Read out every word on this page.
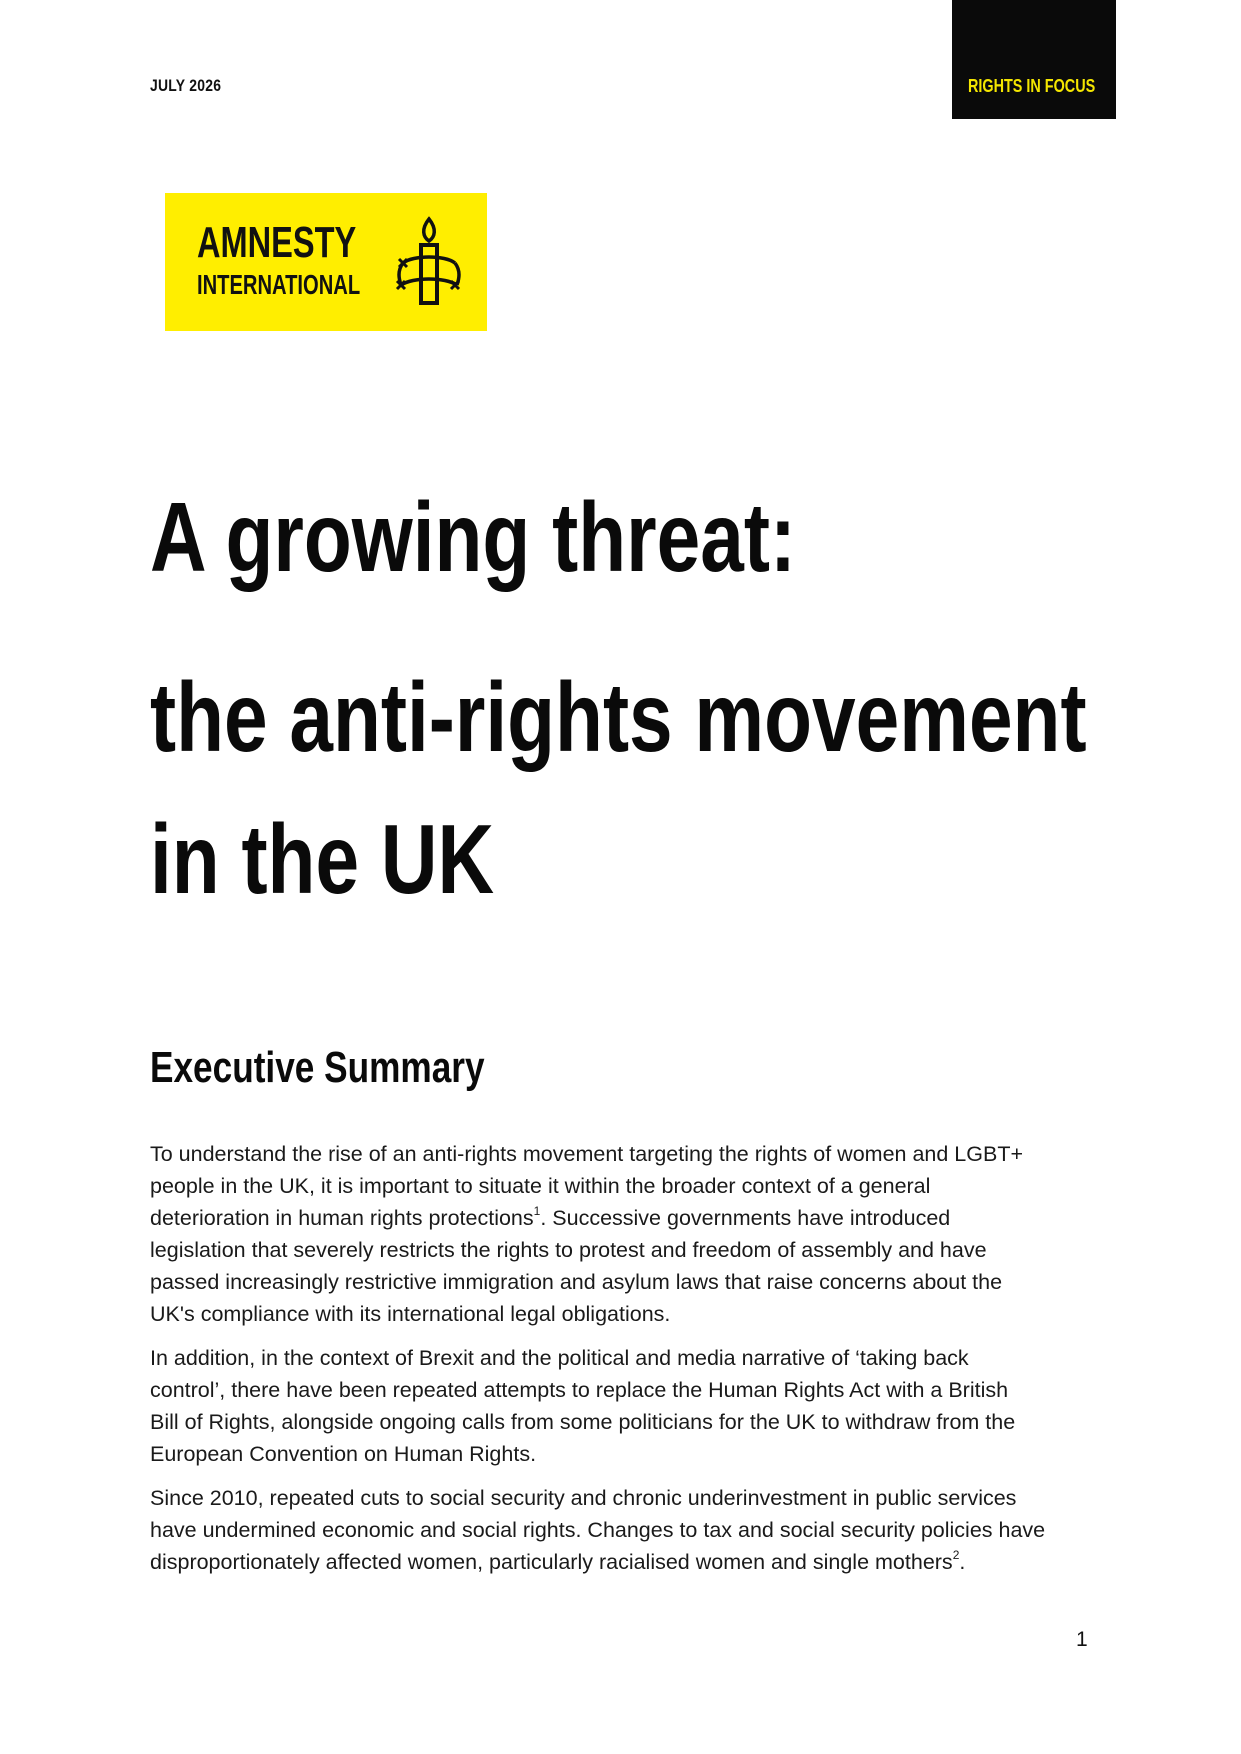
JULY 2026	RIGHTS IN FOCUS
AMNESTY
INTERNATIONAL
A growing threat:
the anti-rights movement
in the UK
Executive Summary

To understand the rise of an anti-rights movement targeting the rights of women and LGBT+
people in the UK, it is important to situate it within the broader context of a general
deterioration in human rights protections$^1$. Successive governments have introduced
legislation that severely restricts the rights to protest and freedom of assembly and have
passed increasingly restrictive immigration and asylum laws that raise concerns about the
UK's compliance with its international legal obligations.

In addition, in the context of Brexit and the political and media narrative of ‘taking back
control’, there have been repeated attempts to replace the Human Rights Act with a British
Bill of Rights, alongside ongoing calls from some politicians for the UK to withdraw from the
European Convention on Human Rights.

Since 2010, repeated cuts to social security and chronic underinvestment in public services
have undermined economic and social rights. Changes to tax and social security policies have
disproportionately affected women, particularly racialised women and single mothers$^2$.

1
